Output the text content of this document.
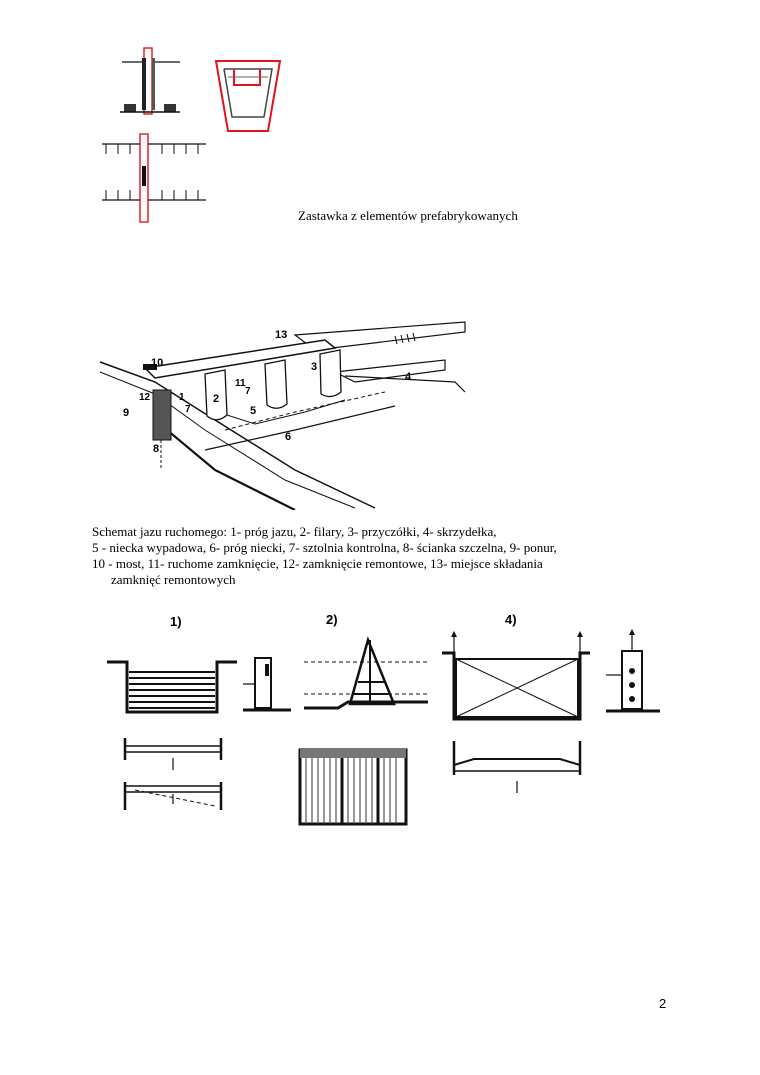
Zastawka z elementów prefabrykowanych
13
10	3
4
12	1
11
7
2
7
9	5
6
8
Schemat jazu ruchomego: 1- próg jazu, 2- filary, 3- przyczółki, 4- skrzydełka,
5 - niecka wypadowa, 6- próg niecki, 7- sztolnia kontrolna, 8- ścianka szczelna, 9- ponur,
10 - most, 11- ruchome zamknięcie, 12- zamknięcie remontowe, 13- miejsce składania
zamknięć remontowych
1)	2)	4)
2
